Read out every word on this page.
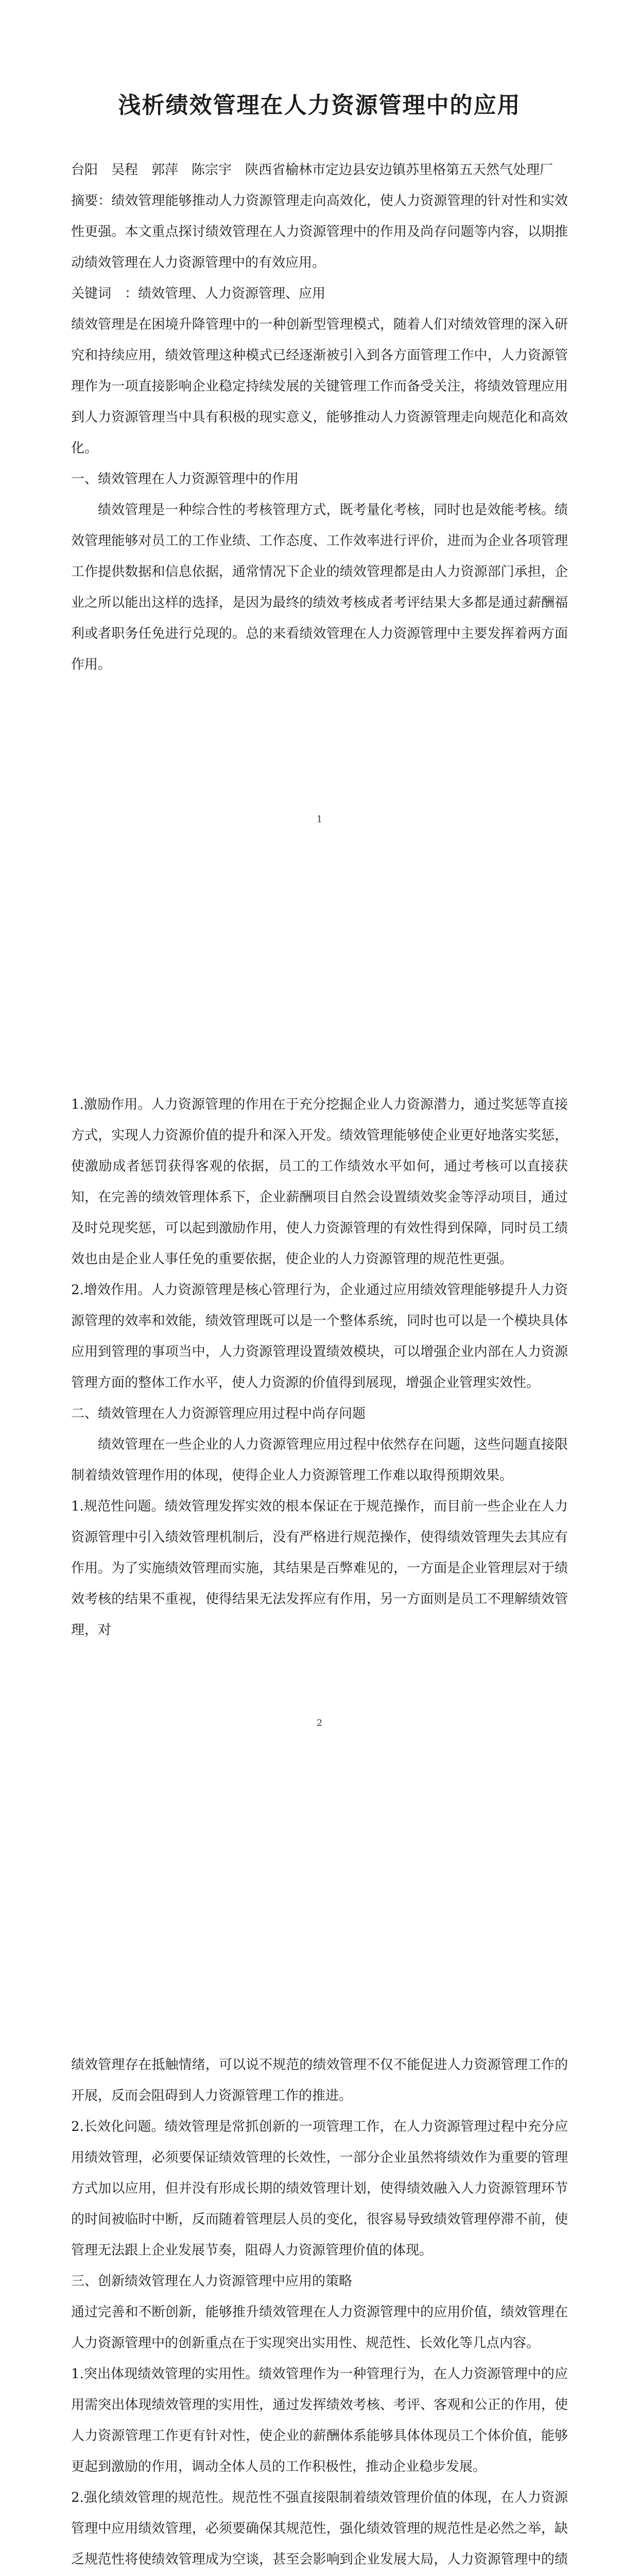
浅析绩效管理在人力资源管理中的应用

台阳　吴程　郭萍　陈宗宇　陕西省榆林市定边县安边镇苏里格第五天然气处理厂

摘要：绩效管理能够推动人力资源管理走向高效化，使人力资源管理的针对性和实效性更强。本文重点探讨绩效管理在人力资源管理中的作用及尚存问题等内容，以期推动绩效管理在人力资源管理中的有效应用。

关键词　：绩效管理、人力资源管理、应用

绩效管理是在困境升降管理中的一种创新型管理模式，随着人们对绩效管理的深入研究和持续应用，绩效管理这种模式已经逐渐被引入到各方面管理工作中，人力资源管理作为一项直接影响企业稳定持续发展的关键管理工作而备受关注，将绩效管理应用到人力资源管理当中具有积极的现实意义，能够推动人力资源管理走向规范化和高效化。

一、绩效管理在人力资源管理中的作用

绩效管理是一种综合性的考核管理方式，既考量化考核，同时也是效能考核。绩效管理能够对员工的工作业绩、工作态度、工作效率进行评价，进而为企业各项管理工作提供数据和信息依据，通常情况下企业的绩效管理都是由人力资源部门承担，企业之所以能出这样的选择，是因为最终的绩效考核成者考评结果大多都是通过薪酬福利或者职务任免进行兑现的。总的来看绩效管理在人力资源管理中主要发挥着两方面作用。

1

1.激励作用。人力资源管理的作用在于充分挖掘企业人力资源潜力，通过奖惩等直接方式，实现人力资源价值的提升和深入开发。绩效管理能够使企业更好地落实奖惩，使激励成者惩罚获得客观的依据，员工的工作绩效水平如何，通过考核可以直接获知，在完善的绩效管理体系下，企业薪酬项目自然会设置绩效奖金等浮动项目，通过及时兑现奖惩，可以起到激励作用，使人力资源管理的有效性得到保障，同时员工绩效也由是企业人事任免的重要依据，使企业的人力资源管理的规范性更强。

2.增效作用。人力资源管理是核心管理行为，企业通过应用绩效管理能够提升人力资源管理的效率和效能，绩效管理既可以是一个整体系统，同时也可以是一个模块具体应用到管理的事项当中，人力资源管理设置绩效模块，可以增强企业内部在人力资源管理方面的整体工作水平，使人力资源的价值得到展现，增强企业管理实效性。

二、绩效管理在人力资源管理应用过程中尚存问题

绩效管理在一些企业的人力资源管理应用过程中依然存在问题，这些问题直接限制着绩效管理作用的体现，使得企业人力资源管理工作难以取得预期效果。

1.规范性问题。绩效管理发挥实效的根本保证在于规范操作，而目前一些企业在人力资源管理中引入绩效管理机制后，没有严格进行规范操作，使得绩效管理失去其应有作用。为了实施绩效管理而实施，其结果是百弊难见的，一方面是企业管理层对于绩效考核的结果不重视，使得结果无法发挥应有作用，另一方面则是员工不理解绩效管理，对

2

绩效管理存在抵触情绪，可以说不规范的绩效管理不仅不能促进人力资源管理工作的开展，反而会阻碍到人力资源管理工作的推进。

2.长效化问题。绩效管理是常抓创新的一项管理工作，在人力资源管理过程中充分应用绩效管理，必须要保证绩效管理的长效性，一部分企业虽然将绩效作为重要的管理方式加以应用，但并没有形成长期的绩效管理计划，使得绩效融入人力资源管理环节的时间被临时中断，反而随着管理层人员的变化，很容易导致绩效管理停滞不前，使管理无法跟上企业发展节奏，阻碍人力资源管理价值的体现。

三、创新绩效管理在人力资源管理中应用的策略

通过完善和不断创新，能够推升绩效管理在人力资源管理中的应用价值，绩效管理在人力资源管理中的创新重点在于实现突出实用性、规范性、长效化等几点内容。

1.突出体现绩效管理的实用性。绩效管理作为一种管理行为，在人力资源管理中的应用需突出体现绩效管理的实用性，通过发挥绩效考核、考评、客观和公正的作用，使人力资源管理工作更有针对性，使企业的薪酬体系能够具体体现员工个体价值，能够更起到激励的作用，调动全体人员的工作积极性，推动企业稳步发展。

2.强化绩效管理的规范性。规范性不强直接限制着绩效管理价值的体现，在人力资源管理中应用绩效管理，必须要确保其规范性，强化绩效管理的规范性是必然之举，缺乏规范性将使绩效管理成为空谈，甚至会影响到企业发展大局，人力资源管理中的绩
